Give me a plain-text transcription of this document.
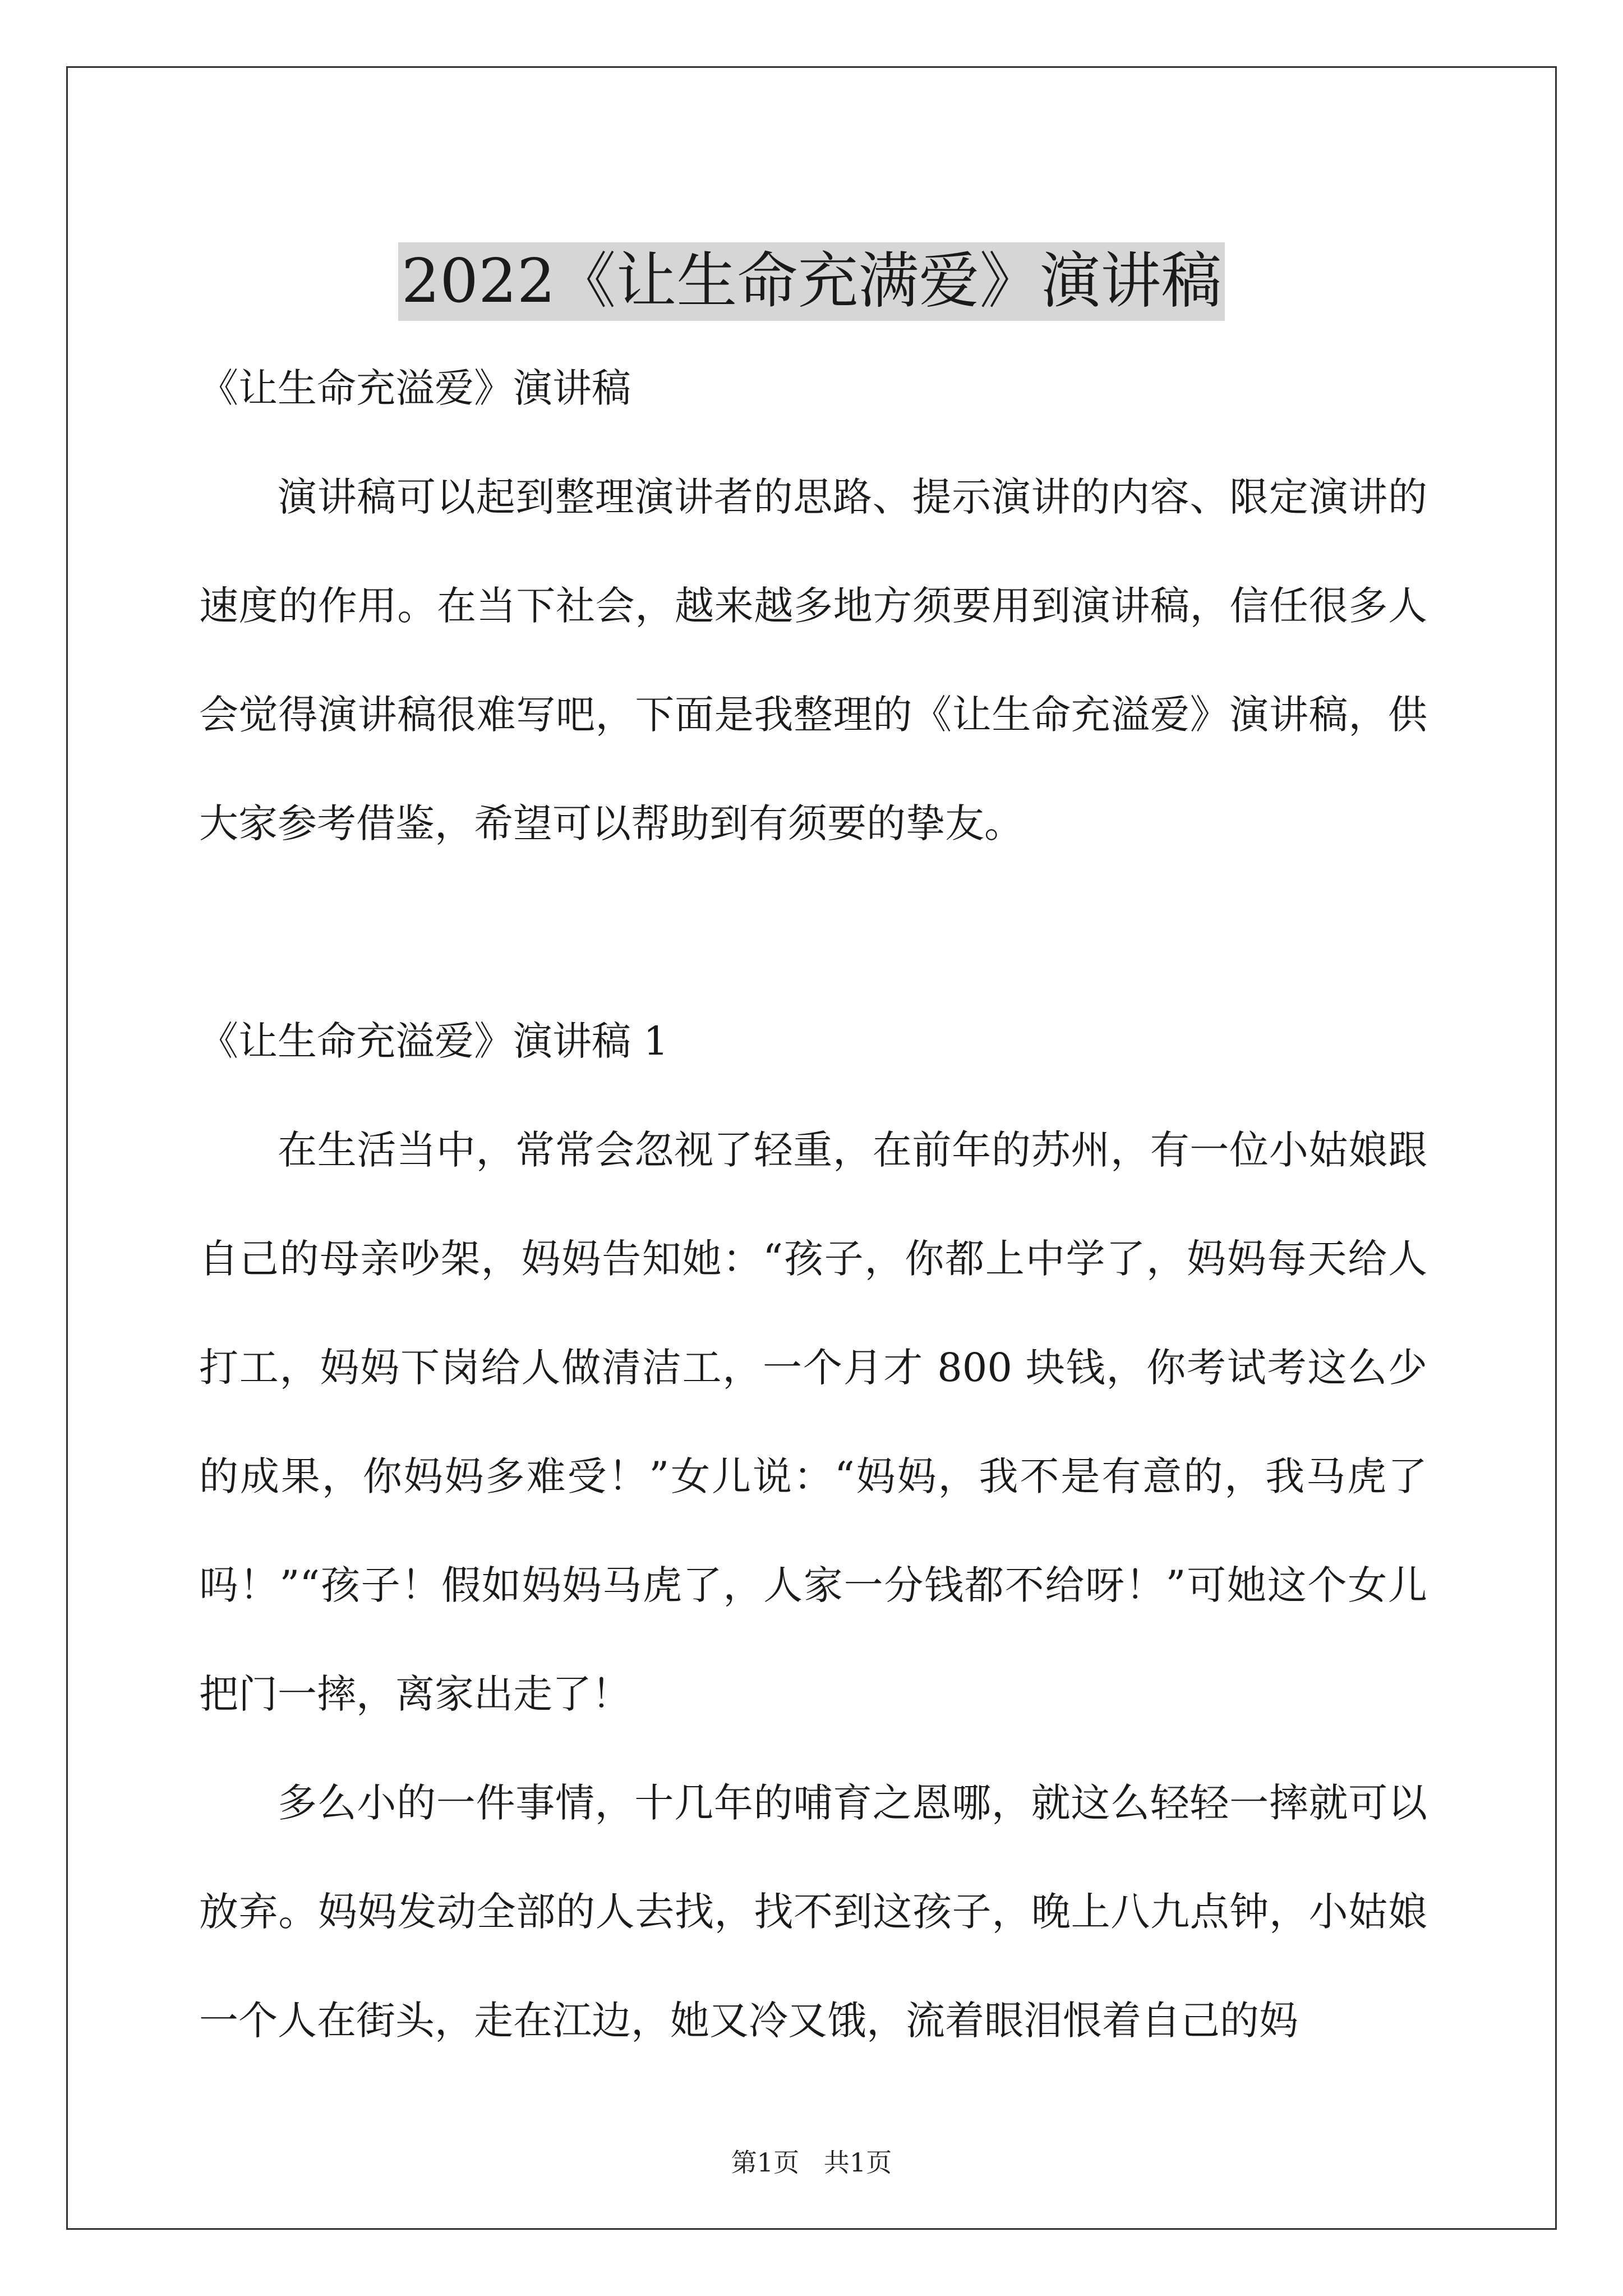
2022《让生命充满爱》演讲稿

《让生命充溢爱》演讲稿

演讲稿可以起到整理演讲者的思路、提示演讲的内容、限定演讲的速度的作用。在当下社会，越来越多地方须要用到演讲稿，信任很多人会觉得演讲稿很难写吧，下面是我整理的《让生命充溢爱》演讲稿，供大家参考借鉴，希望可以帮助到有须要的挚友。

《让生命充溢爱》演讲稿 1

在生活当中，常常会忽视了轻重，在前年的苏州，有一位小姑娘跟自己的母亲吵架，妈妈告知她：“孩子，你都上中学了，妈妈每天给人打工，妈妈下岗给人做清洁工，一个月才 800 块钱，你考试考这么少的成果，你妈妈多难受！”女儿说：“妈妈，我不是有意的，我马虎了吗！”“孩子！假如妈妈马虎了，人家一分钱都不给呀！”可她这个女儿把门一摔，离家出走了！

多么小的一件事情，十几年的哺育之恩哪，就这么轻轻一摔就可以放弃。妈妈发动全部的人去找，找不到这孩子，晚上八九点钟，小姑娘一个人在街头，走在江边，她又冷又饿，流着眼泪恨着自己的妈

第1页   共1页
